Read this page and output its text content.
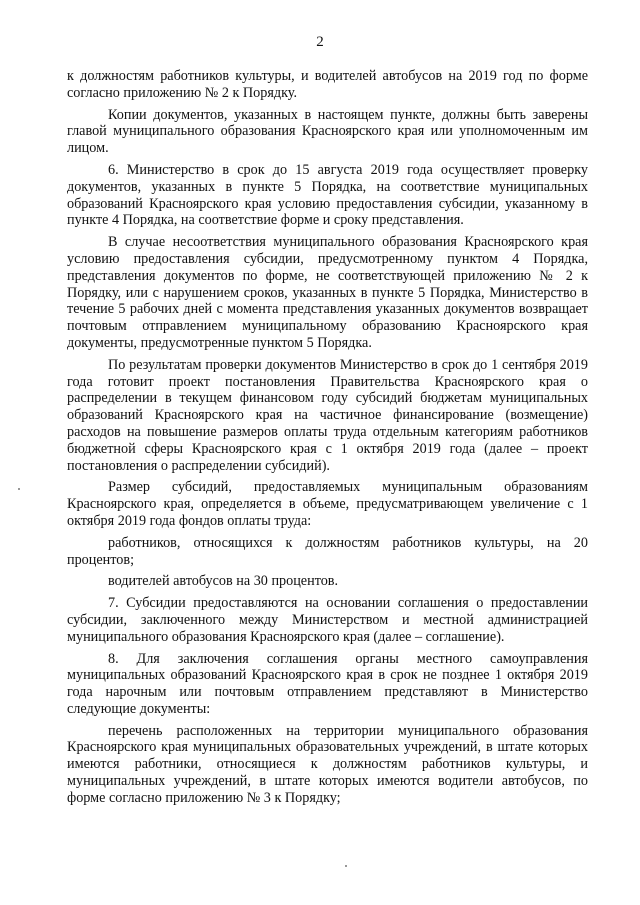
2

к должностям работников культуры, и водителей автобусов на 2019 год по форме согласно приложению № 2 к Порядку.

Копии документов, указанных в настоящем пункте, должны быть заверены главой муниципального образования Красноярского края или уполномоченным им лицом.

6. Министерство в срок до 15 августа 2019 года осуществляет проверку документов, указанных в пункте 5 Порядка, на соответствие муниципальных образований Красноярского края условию предоставления субсидии, указанному в пункте 4 Порядка, на соответствие форме и сроку представления.

В случае несоответствия муниципального образования Красноярского края условию предоставления субсидии, предусмотренному пунктом 4 Порядка, представления документов по форме, не соответствующей приложению № 2 к Порядку, или с нарушением сроков, указанных в пункте 5 Порядка, Министерство в течение 5 рабочих дней с момента представления указанных документов возвращает почтовым отправлением муниципальному образованию Красноярского края документы, предусмотренные пунктом 5 Порядка.

По результатам проверки документов Министерство в срок до 1 сентября 2019 года готовит проект постановления Правительства Красноярского края о распределении в текущем финансовом году субсидий бюджетам муниципальных образований Красноярского края на частичное финансирование (возмещение) расходов на повышение размеров оплаты труда отдельным категориям работников бюджетной сферы Красноярского края с 1 октября 2019 года (далее – проект постановления о распределении субсидий).

Размер субсидий, предоставляемых муниципальным образованиям Красноярского края, определяется в объеме, предусматривающем увеличение с 1 октября 2019 года фондов оплаты труда:

работников, относящихся к должностям работников культуры, на 20 процентов;

водителей автобусов на 30 процентов.

7. Субсидии предоставляются на основании соглашения о предоставлении субсидии, заключенного между Министерством и местной администрацией муниципального образования Красноярского края (далее – соглашение).

8. Для заключения соглашения органы местного самоуправления муниципальных образований Красноярского края в срок не позднее 1 октября 2019 года нарочным или почтовым отправлением представляют в Министерство следующие документы:

перечень расположенных на территории муниципального образования Красноярского края муниципальных образовательных учреждений, в штате которых имеются работники, относящиеся к должностям работников культуры, и муниципальных учреждений, в штате которых имеются водители автобусов, по форме согласно приложению № 3 к Порядку;
